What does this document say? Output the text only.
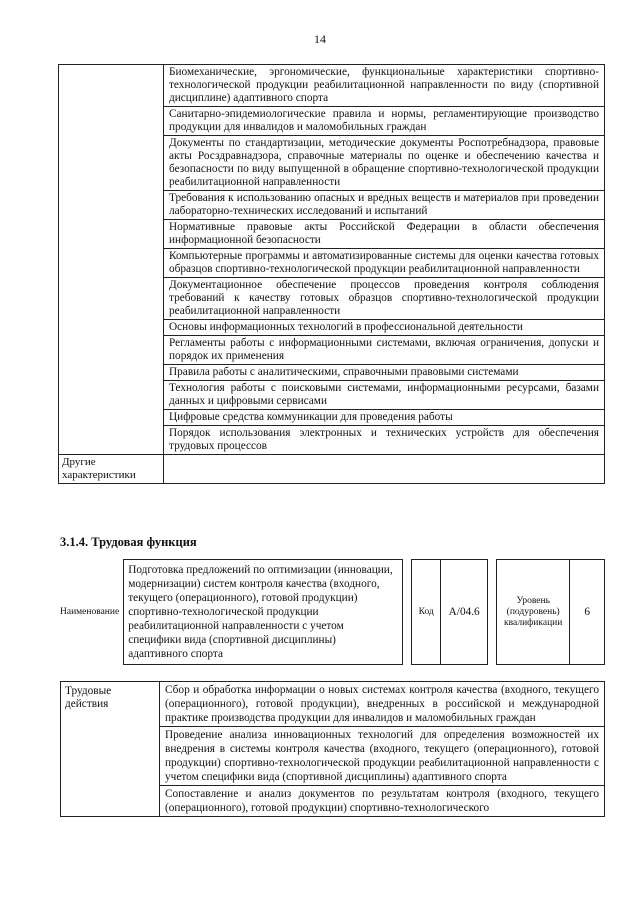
14
	Биомеханические, эргономические, функциональные характеристики спортивно-технологической продукции реабилитационной направленности по виду (спортивной дисциплине) адаптивного спорта
	Санитарно-эпидемиологические правила и нормы, регламентирующие производство продукции для инвалидов и маломобильных граждан
	Документы по стандартизации, методические документы Роспотребнадзора, правовые акты Росздравнадзора, справочные материалы по оценке и обеспечению качества и безопасности по виду выпущенной в обращение спортивно-технологической продукции реабилитационной направленности
	Требования к использованию опасных и вредных веществ и материалов при проведении лабораторно-технических исследований и испытаний
	Нормативные правовые акты Российской Федерации в области обеспечения информационной безопасности
	Компьютерные программы и автоматизированные системы для оценки качества готовых образцов спортивно-технологической продукции реабилитационной направленности
	Документационное обеспечение процессов проведения контроля соблюдения требований к качеству готовых образцов спортивно-технологической продукции реабилитационной направленности
	Основы информационных технологий в профессиональной деятельности
	Регламенты работы с информационными системами, включая ограничения, допуски и порядок их применения
	Правила работы с аналитическими, справочными правовыми системами
	Технология работы с поисковыми системами, информационными ресурсами, базами данных и цифровыми сервисами
	Цифровые средства коммуникации для проведения работы
	Порядок использования электронных и технических устройств для обеспечения трудовых процессов
Другие
характеристики	
3.1.4. Трудовая функция
Наименование	Подготовка предложений по оптимизации (инновации, модернизации) систем контроля качества (входного, текущего (операционного), готовой продукции) спортивно-технологической продукции реабилитационной направленности с учетом специфики вида (спортивной дисциплины) адаптивного спорта		Код	A/04.6		Уровень (подуровень) квалификации	6
Трудовые
действия	Сбор и обработка информации о новых системах контроля качества (входного, текущего (операционного), готовой продукции), внедренных в российской и международной практике производства продукции для инвалидов и маломобильных граждан
Проведение анализа инновационных технологий для определения возможностей их внедрения в системы контроля качества (входного, текущего (операционного), готовой продукции) спортивно-технологической продукции реабилитационной направленности с учетом специфики вида (спортивной дисциплины) адаптивного спорта
Сопоставление и анализ документов по результатам контроля (входного, текущего (операционного), готовой продукции) спортивно-технологического
